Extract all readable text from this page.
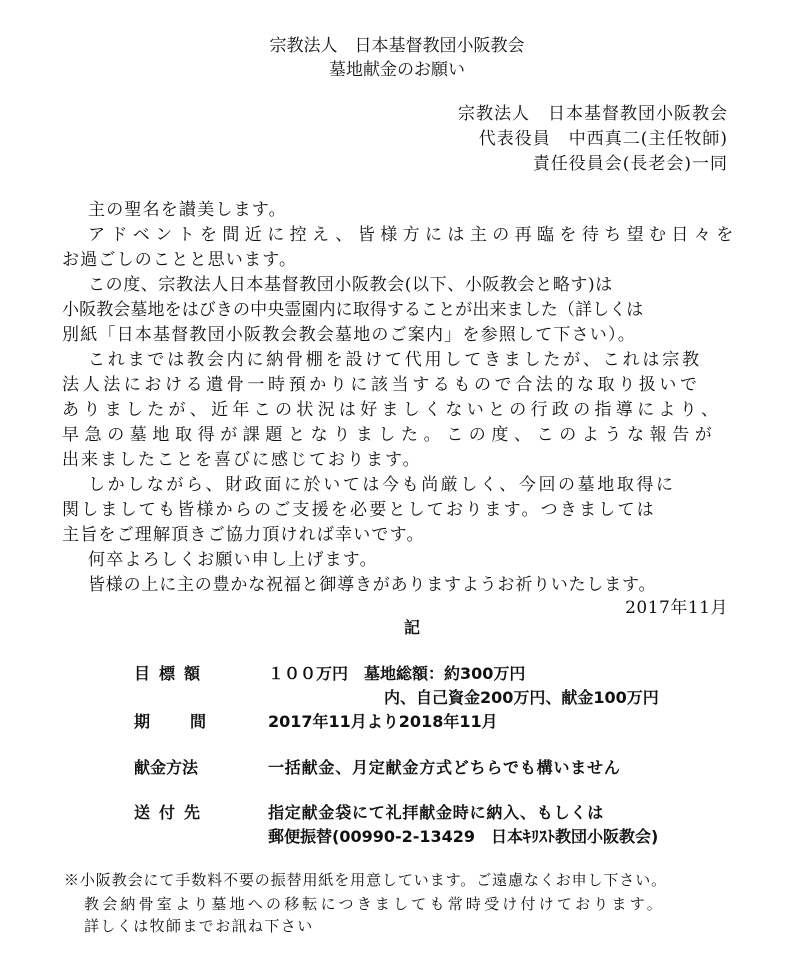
宗教法人　日本基督教団小阪教会
墓地献金のお願い
宗教法人　日本基督教団小阪教会
代表役員　中西真二(主任牧師)
責任役員会(長老会)一同
主の聖名を讃美します。
アドベントを間近に控え、皆様方には主の再臨を待ち望む日々を
お過ごしのことと思います。
この度、宗教法人日本基督教団小阪教会(以下、小阪教会と略す)は
小阪教会墓地をはびきの中央霊園内に取得することが出来ました（詳しくは
別紙「日本基督教団小阪教会教会墓地のご案内」を参照して下さい）。
これまでは教会内に納骨棚を設けて代用してきましたが、これは宗教
法人法における遺骨一時預かりに該当するもので合法的な取り扱いで
ありましたが、近年この状況は好ましくないとの行政の指導により、
早急の墓地取得が課題となりました。この度、このような報告が
出来ましたことを喜びに感じております。
しかしながら、財政面に於いては今も尚厳しく、今回の墓地取得に
関しましても皆様からのご支援を必要としております。つきましては
主旨をご理解頂きご協力頂ければ幸いです。
何卒よろしくお願い申し上げます。
皆様の上に主の豊かな祝福と御導きがありますようお祈りいたします。
2017年11月
記
目標額	１００万円　墓地総額：約300万円
内、自己資金200万円、献金100万円
期間 2017年11月より2018年11月
献金方法	一括献金、月定献金方式どちらでも構いません
送付先	指定献金袋にて礼拝献金時に納入、もしくは
郵便振替(00990-2-13429　日本ｷﾘｽﾄ教団小阪教会)
※小阪教会にて手数料不要の振替用紙を用意しています。ご遠慮なくお申し下さい。
教会納骨室より墓地への移転につきましても常時受け付けております。
詳しくは牧師までお訊ね下さい
